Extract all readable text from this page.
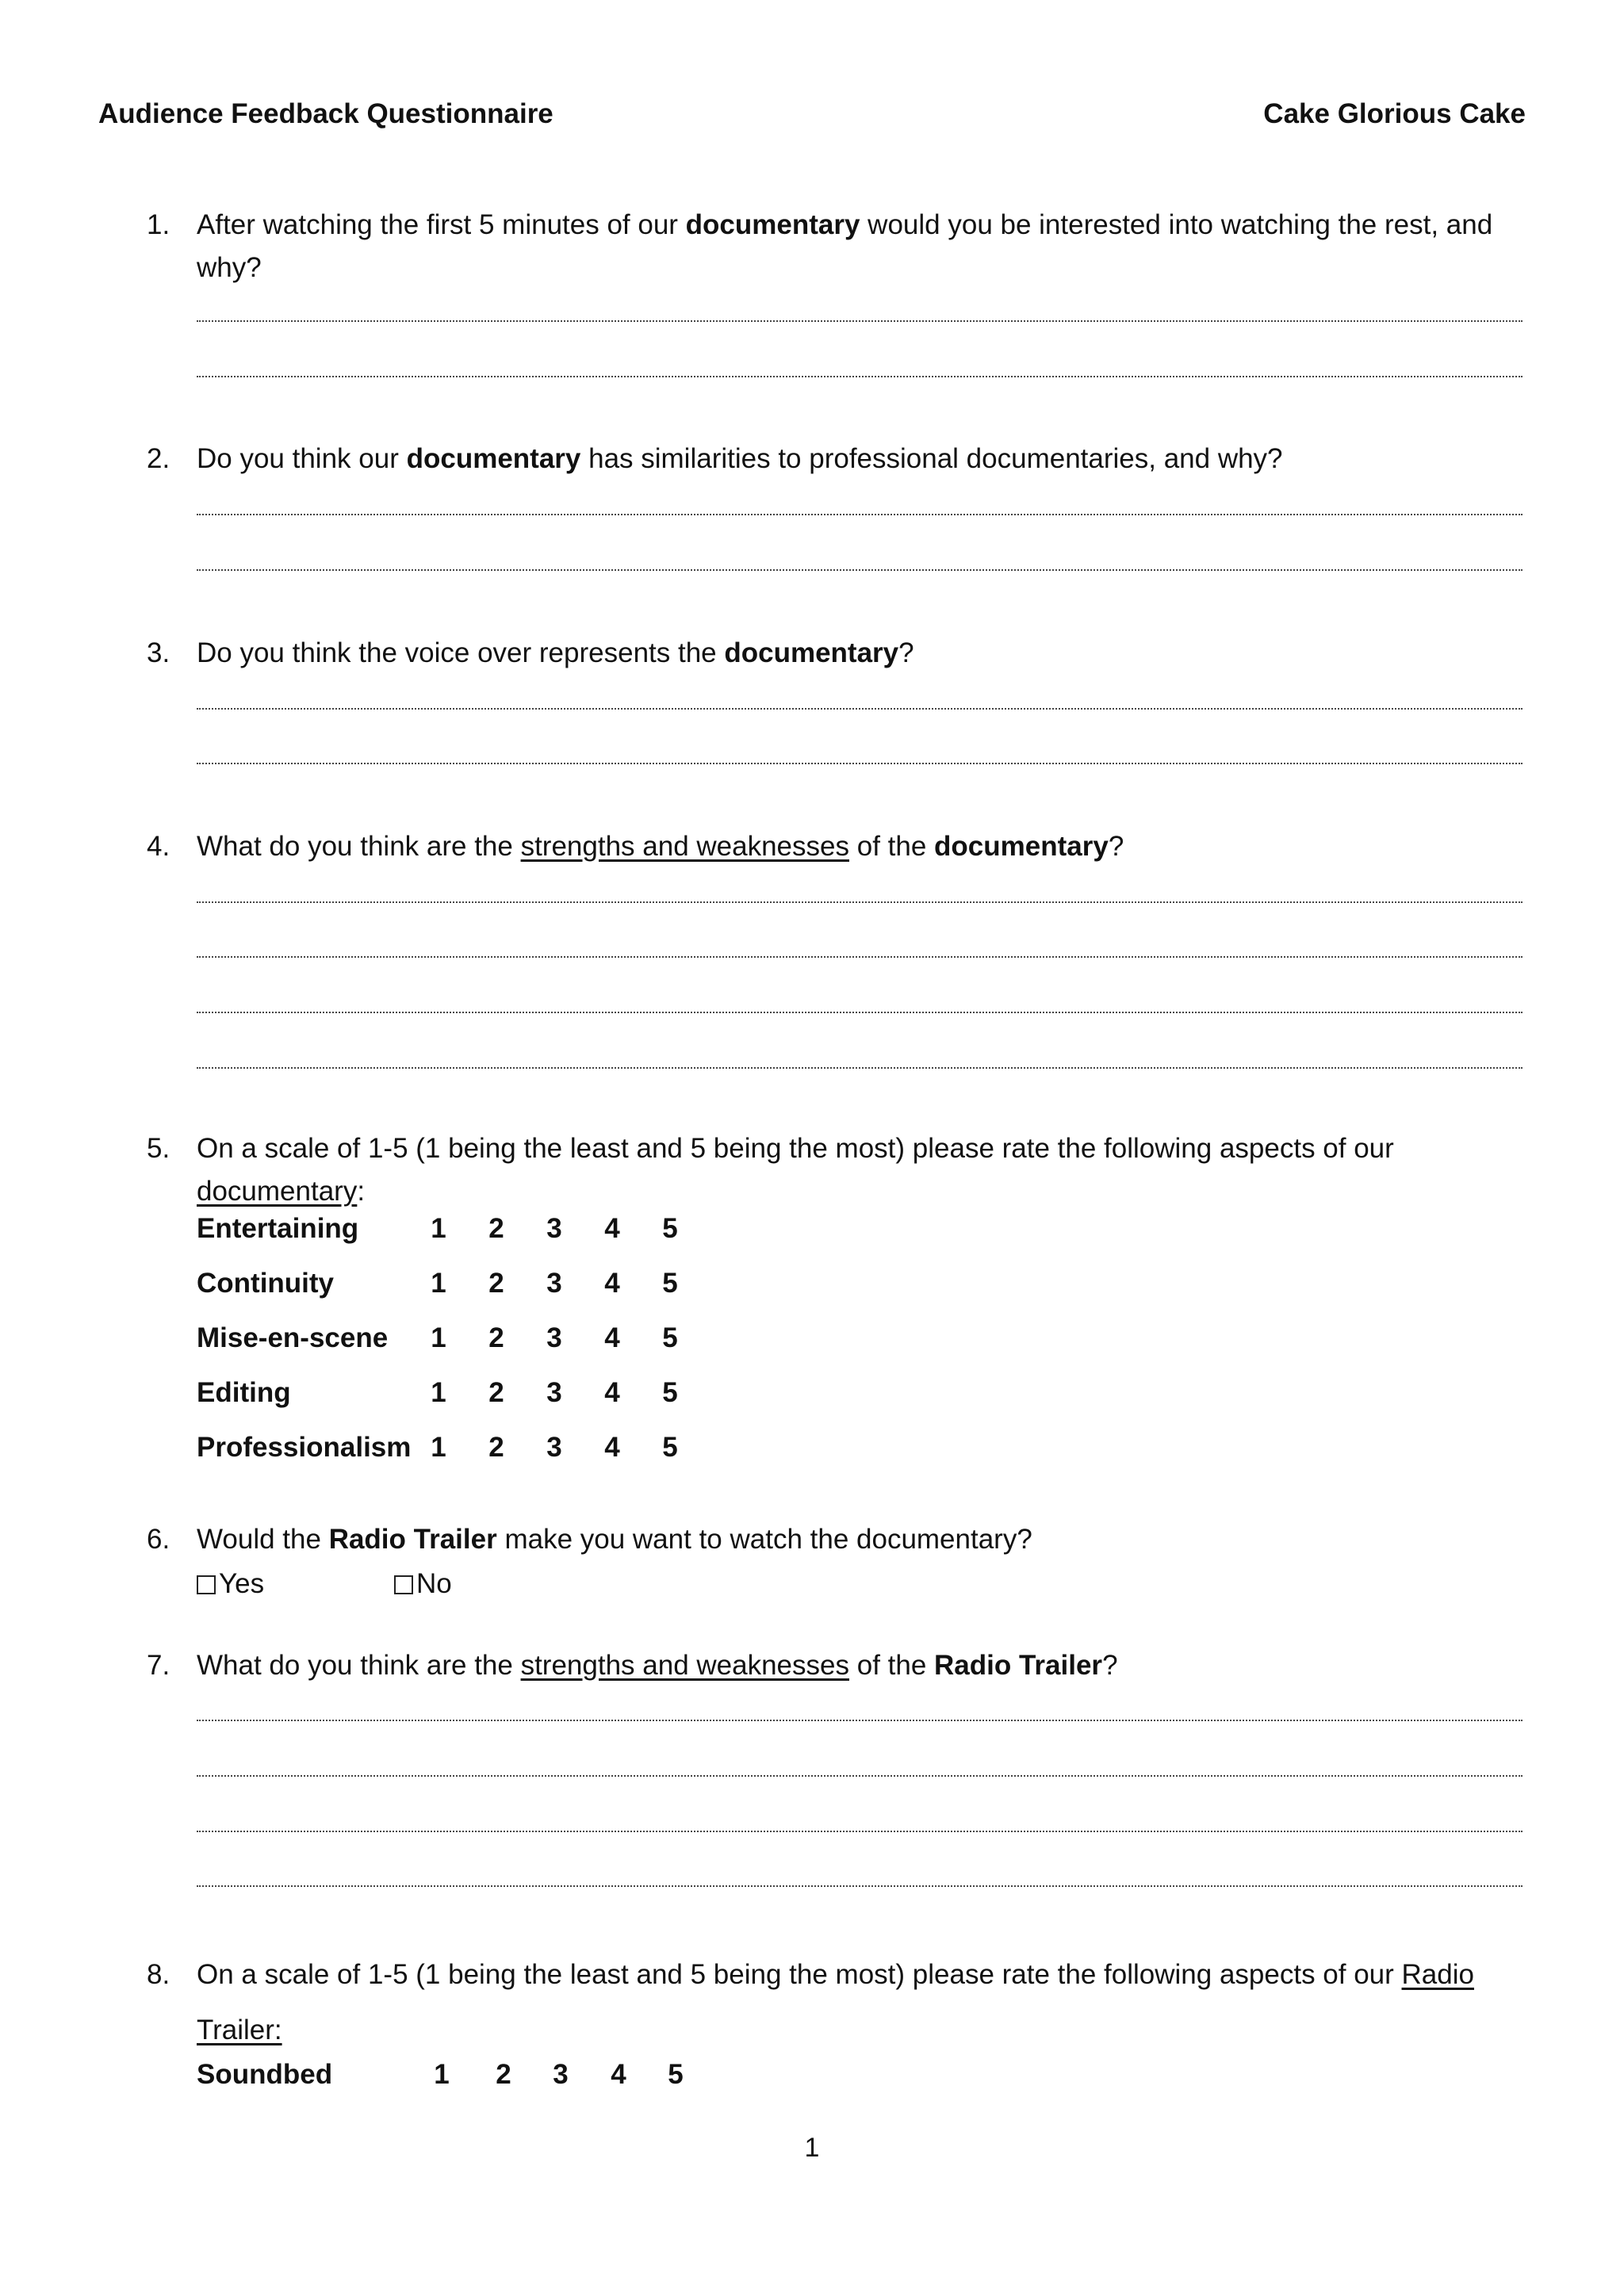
Audience Feedback Questionnaire	Cake Glorious Cake
1. After watching the first 5 minutes of our documentary would you be interested into watching the rest, and why?
2. Do you think our documentary has similarities to professional documentaries, and why?
3. Do you think the voice over represents the documentary?
4. What do you think are the strengths and weaknesses of the documentary?
5. On a scale of 1-5 (1 being the least and 5 being the most) please rate the following aspects of our documentary:
Entertaining	1 2 3 4 5
Continuity	1 2 3 4 5
Mise-en-scene 1 2 3 4 5
Editing	1 2 3 4 5
Professionalism 1 2 3 4 5
6. Would the Radio Trailer make you want to watch the documentary?
Yes	No
7. What do you think are the strengths and weaknesses of the Radio Trailer?
8. On a scale of 1-5 (1 being the least and 5 being the most) please rate the following aspects of our Radio Trailer:
Soundbed	1 2 3 4 5
1
